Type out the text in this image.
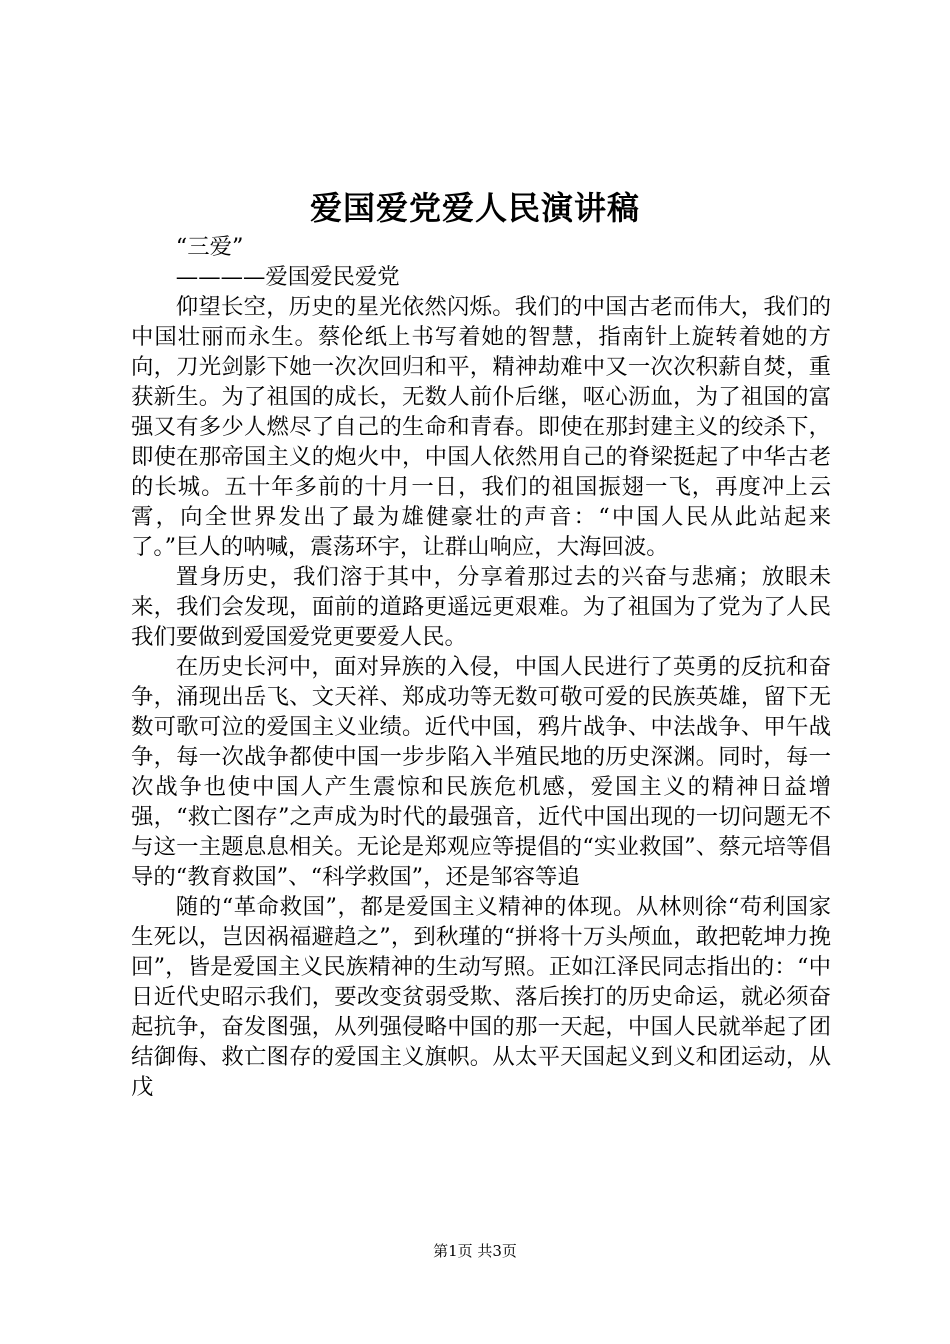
爱国爱党爱人民演讲稿
“三爱”
————爱国爱民爱党

仰望长空，历史的星光依然闪烁。我们的中国古老而伟大，我们的中国壮丽而永生。蔡伦纸上书写着她的智慧，指南针上旋转着她的方向，刀光剑影下她一次次回归和平，精神劫难中又一次次积薪自焚，重获新生。为了祖国的成长，无数人前仆后继，呕心沥血，为了祖国的富强又有多少人燃尽了自己的生命和青春。即使在那封建主义的绞杀下，即使在那帝国主义的炮火中，中国人依然用自己的脊梁挺起了中华古老的长城。五十年多前的十月一日，我们的祖国振翅一飞，再度冲上云霄，向全世界发出了最为雄健豪壮的声音：“中国人民从此站起来了。”巨人的呐喊，震荡环宇，让群山响应，大海回波。

置身历史，我们溶于其中，分享着那过去的兴奋与悲痛；放眼未来，我们会发现，面前的道路更遥远更艰难。为了祖国为了党为了人民我们要做到爱国爱党更要爱人民。

在历史长河中，面对异族的入侵，中国人民进行了英勇的反抗和奋争，涌现出岳飞、文天祥、郑成功等无数可敬可爱的民族英雄，留下无数可歌可泣的爱国主义业绩。近代中国，鸦片战争、中法战争、甲午战争，每一次战争都使中国一步步陷入半殖民地的历史深渊。同时，每一次战争也使中国人产生震惊和民族危机感，爱国主义的精神日益增强，“救亡图存”之声成为时代的最强音，近代中国出现的一切问题无不与这一主题息息相关。无论是郑观应等提倡的“实业救国”、蔡元培等倡导的“教育救国”、“科学救国”，还是邹容等追

随的“革命救国”，都是爱国主义精神的体现。从林则徐“苟利国家生死以，岂因祸福避趋之”，到秋瑾的“拼将十万头颅血，敢把乾坤力挽回”，皆是爱国主义民族精神的生动写照。正如江泽民同志指出的：“中日近代史昭示我们，要改变贫弱受欺、落后挨打的历史命运，就必须奋起抗争，奋发图强，从列强侵略中国的那一天起，中国人民就举起了团结御侮、救亡图存的爱国主义旗帜。从太平天国起义到义和团运动，从戊

第1页 共3页
